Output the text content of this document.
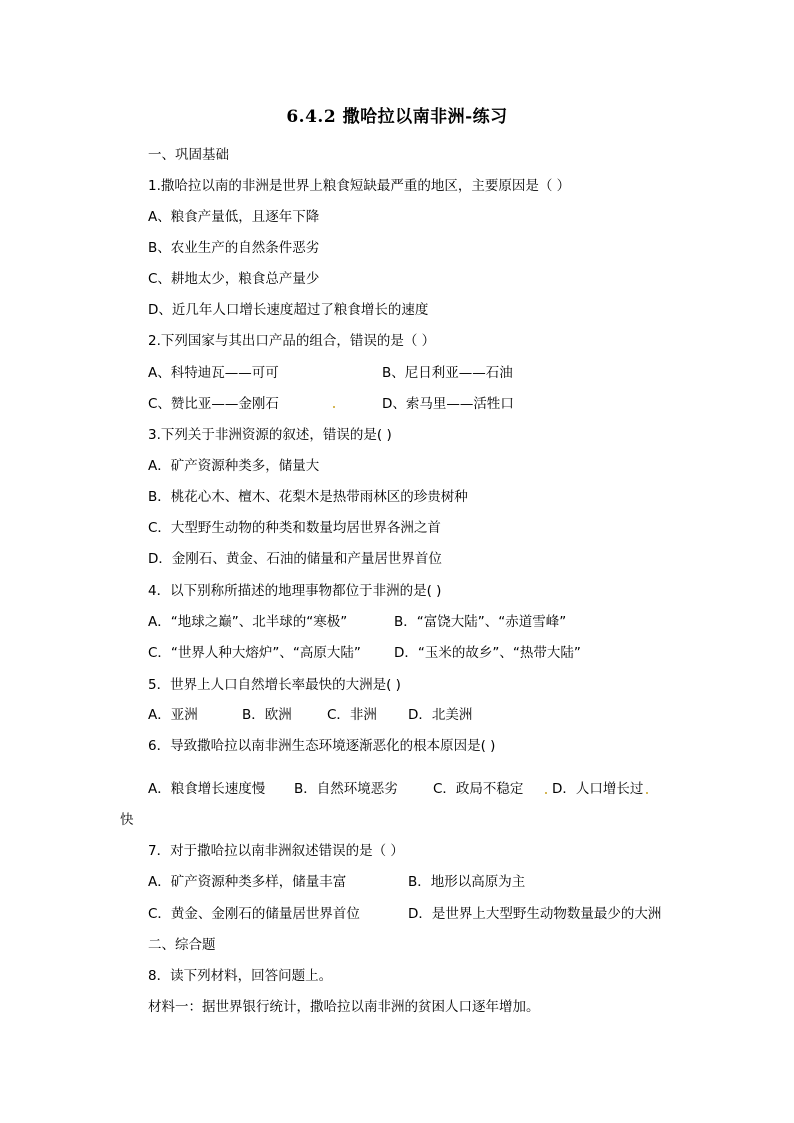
6.4.2 撒哈拉以南非洲-练习
一、巩固基础
1.撒哈拉以南的非洲是世界上粮食短缺最严重的地区，主要原因是（ ）
A、粮食产量低，且逐年下降
B、农业生产的自然条件恶劣
C、耕地太少，粮食总产量少
D、近几年人口增长速度超过了粮食增长的速度
2.下列国家与其出口产品的组合，错误的是（ ）
A、科特迪瓦——可可	B、尼日利亚——石油
C、赞比亚——金刚石	D、索马里——活牲口
3.下列关于非洲资源的叙述，错误的是( )
A．矿产资源种类多，储量大
B．桃花心木、檀木、花梨木是热带雨林区的珍贵树种
C．大型野生动物的种类和数量均居世界各洲之首
D．金刚石、黄金、石油的储量和产量居世界首位
4．以下别称所描述的地理事物都位于非洲的是( )
A．“地球之巅”、北半球的“寒极”	B．“富饶大陆”、“赤道雪峰”
C．“世界人种大熔炉”、“高原大陆” D．“玉米的故乡”、“热带大陆”
5．世界上人口自然增长率最快的大洲是( )
A．亚洲	B．欧洲	C．非洲 D．北美洲
6．导致撒哈拉以南非洲生态环境逐渐恶化的根本原因是( )
A．粮食增长速度慢 B．自然环境恶劣	C．政局不稳定 D．人口增长过
快
7．对于撒哈拉以南非洲叙述错误的是（ ）
A．矿产资源种类多样，储量丰富	B．地形以高原为主
C．黄金、金刚石的储量居世界首位	D．是世界上大型野生动物数量最少的大洲
二、综合题
8．读下列材料，回答问题上。
材料一：据世界银行统计，撒哈拉以南非洲的贫困人口逐年增加。
